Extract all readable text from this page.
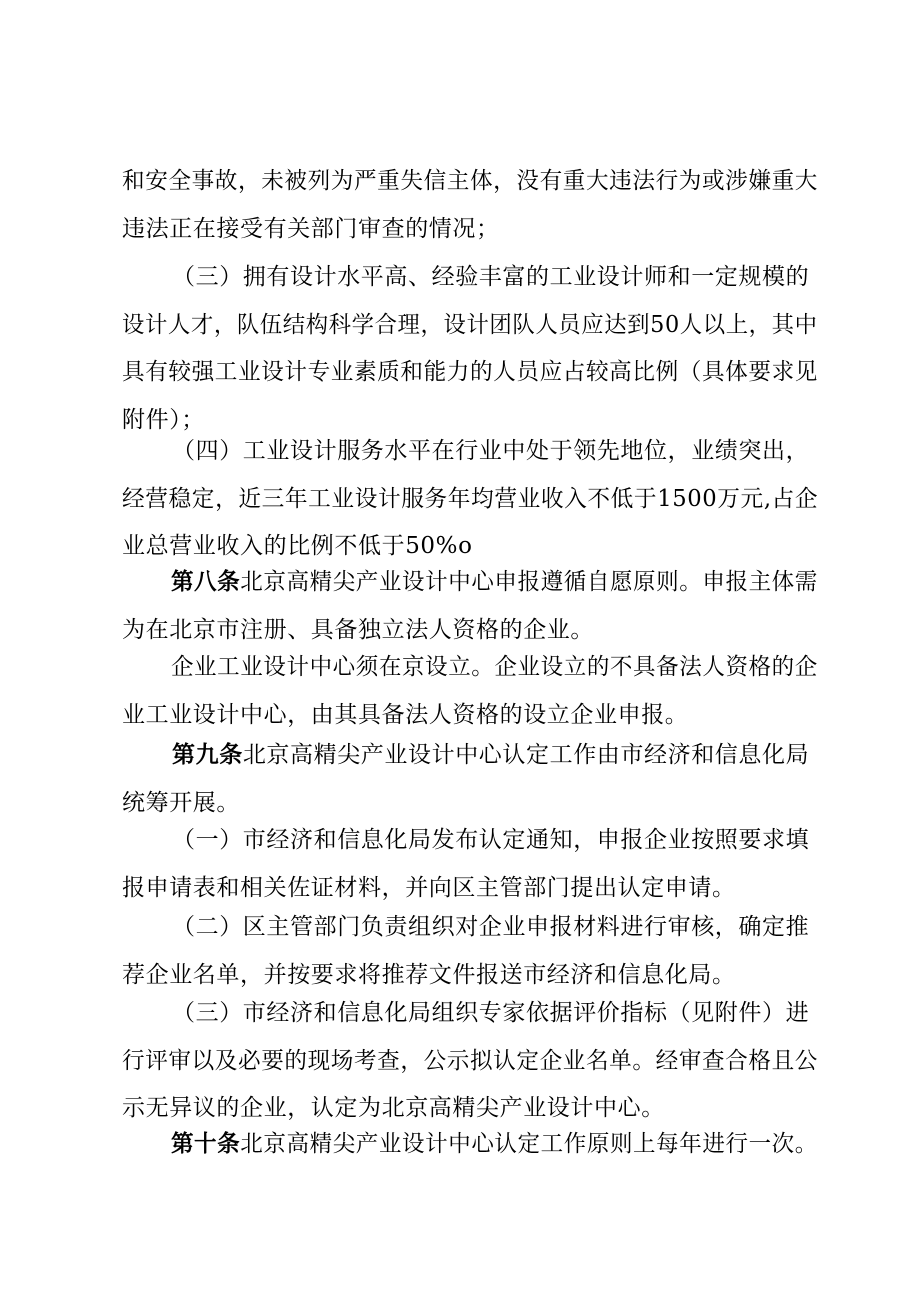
和安全事故，未被列为严重失信主体，没有重大违法行为或涉嫌重大
违法正在接受有关部门审查的情况；

（三）拥有设计水平高、经验丰富的工业设计师和一定规模的
设计人才，队伍结构科学合理，设计团队人员应达到50人以上，其中
具有较强工业设计专业素质和能力的人员应占较高比例（具体要求见
附件）；

（四）工业设计服务水平在行业中处于领先地位，业绩突出，
经营稳定，近三年工业设计服务年均营业收入不低于1500万元,占企
业总营业收入的比例不低于50%o

第八条北京高精尖产业设计中心申报遵循自愿原则。申报主体需
为在北京市注册、具备独立法人资格的企业。

企业工业设计中心须在京设立。企业设立的不具备法人资格的企
业工业设计中心，由其具备法人资格的设立企业申报。

第九条北京高精尖产业设计中心认定工作由市经济和信息化局
统筹开展。

（一）市经济和信息化局发布认定通知，申报企业按照要求填
报申请表和相关佐证材料，并向区主管部门提出认定申请。

（二）区主管部门负责组织对企业申报材料进行审核，确定推
荐企业名单，并按要求将推荐文件报送市经济和信息化局。

（三）市经济和信息化局组织专家依据评价指标（见附件）进
行评审以及必要的现场考查，公示拟认定企业名单。经审查合格且公
示无异议的企业，认定为北京高精尖产业设计中心。

第十条北京高精尖产业设计中心认定工作原则上每年进行一次。
